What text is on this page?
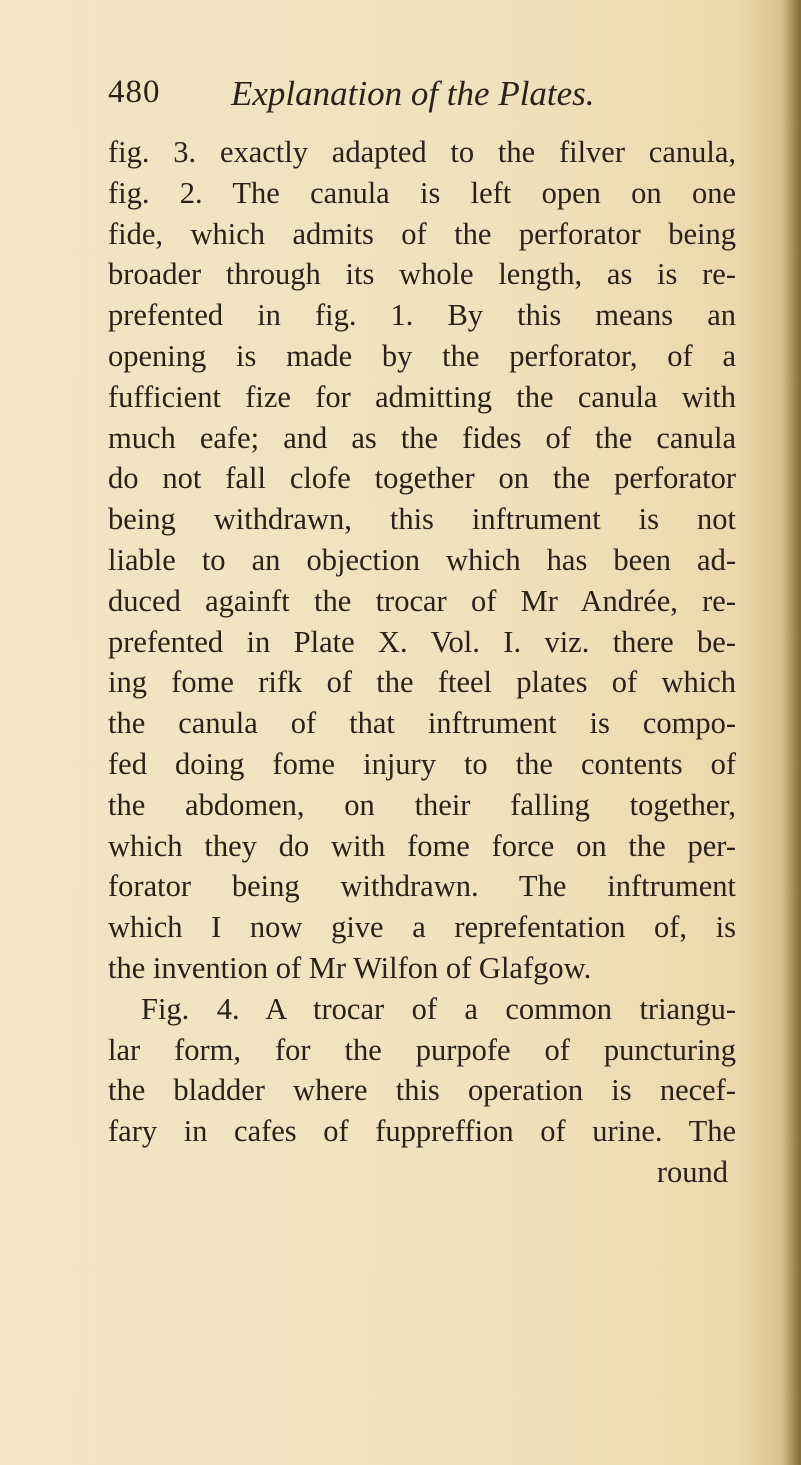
480 Explanation of the Plates.
fig. 3. exactly adapted to the filver canula,
fig. 2. The canula is left open on one
fide, which admits of the perforator being
broader through its whole length, as is re-
prefented in fig. 1. By this means an
opening is made by the perforator, of a
fufficient fize for admitting the canula with
much eafe; and as the fides of the canula
do not fall clofe together on the perforator
being withdrawn, this inftrument is not
liable to an objection which has been ad-
duced againft the trocar of Mr Andrée, re-
prefented in Plate X. Vol. I. viz. there be-
ing fome rifk of the fteel plates of which
the canula of that inftrument is compo-
fed doing fome injury to the contents of
the abdomen, on their falling together,
which they do with fome force on the per-
forator being withdrawn. The inftrument
which I now give a reprefentation of, is
the invention of Mr Wilfon of Glafgow.
Fig. 4. A trocar of a common triangu-
lar form, for the purpofe of puncturing
the bladder where this operation is necef-
fary in cafes of fuppreffion of urine. The
round
